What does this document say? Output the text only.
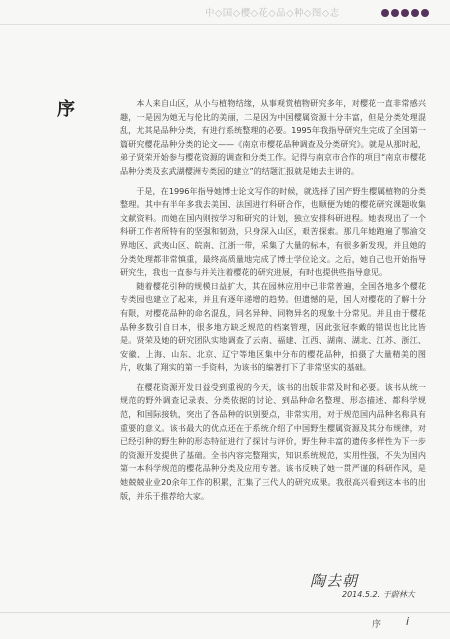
中◇国◇樱◇花◇品◇种◇图◇志
序	本人来自山区，从小与植物结缘，从事观赏植物研究多年，对樱花一直非常感兴趣，一是因为她无与伦比的美丽，二是因为中国樱属资源十分丰富，但是分类处理混乱，尤其是品种分类，有进行系统整理的必要。1995年我指导研究生完成了全国第一篇研究樱花品种分类的论文——《南京市樱花品种调查及分类研究》。就是从那时起，弟子贤荣开始参与樱花资源的调查和分类工作。记得与南京市合作的项目“南京市樱花品种分类及玄武湖樱洲专类园的建立”的结题汇报就是她去主讲的。

于是，在1996年指导她博士论文写作的时候，就选择了国产野生樱属植物的分类整理。其中有半年多我去美国、法国进行科研合作，也顺便为她的樱花研究课题收集文献资料。而她在国内则按学习和研究的计划，独立安排科研进程。她表现出了一个科研工作者所特有的坚强和韧劲，只身深入山区，艰苦探索。那几年她跑遍了鄂渝交界地区、武夷山区、皖南、江浙一带，采集了大量的标本，有很多新发现，并且她的分类处理都非常慎重，最终高质量地完成了博士学位论文。之后，她自己也开始指导研究生，我也一直参与并关注着樱花的研究进展，有时也提供些指导意见。

随着樱花引种的规模日益扩大，其在园林应用中已非常普遍，全国各地多个樱花专类园也建立了起来，并且有逐年递增的趋势。但遗憾的是，国人对樱花的了解十分有限，对樱花品种的命名混乱，同名异种、同物异名的现象十分常见。并且由于樱花品种多数引自日本，很多地方缺乏规范的档案管理，因此张冠李戴的错误也比比皆是。贤荣及她的研究团队实地调查了云南、福建、江西、湖南、湖北、江苏、浙江、安徽、上海、山东、北京、辽宁等地区集中分布的樱花品种，拍摄了大量精美的图片，收集了翔实的第一手资料，为该书的编著打下了非常坚实的基础。

在樱花资源开发日益受到重视的今天，该书的出版非常及时和必要。该书从统一规范的野外调查记录表、分类依据的讨论、到品种命名整理、形态描述、都科学规范，和国际接轨，突出了各品种的识别要点，非常实用，对于规范国内品种名称具有重要的意义。该书最大的优点还在于系统介绍了中国野生樱属资源及其分布规律，对已经引种的野生种的形态特征进行了探讨与评价，野生种丰富的遗传多样性为下一步的资源开发提供了基础。全书内容完整翔实，知识系统规范，实用性强，不失为国内第一本科学规范的樱花品种分类及应用专著。该书反映了她一贯严谨的科研作风，是她兢兢业业20余年工作的积累，汇集了三代人的研究成果。我很高兴看到这本书的出版，并乐于推荐给大家。

陶去朝
2014.5.2. 于蔚林大
序 i
